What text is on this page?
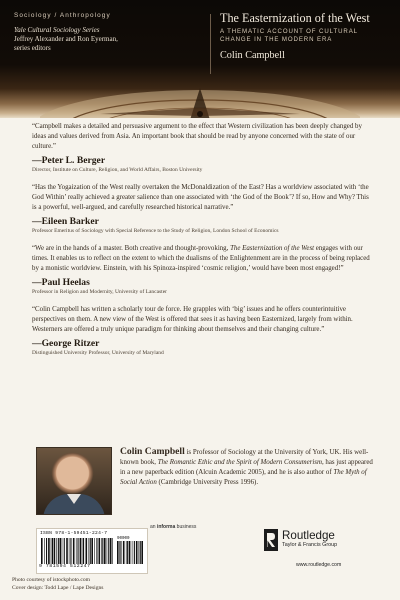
Sociology / Anthropology
Yale Cultural Sociology Series
Jeffrey Alexander and Ron Eyerman,
series editors
The Easternization of the West
A THEMATIC ACCOUNT OF CULTURAL
CHANGE IN THE MODERN ERA
Colin Campbell
“Campbell makes a detailed and persuasive argument to the effect that Western civilization has been deeply changed by ideas and values derived from Asia. An important book that should be read by anyone concerned with the state of our culture.”
—Peter L. Berger
Director, Institute on Culture, Religion, and World Affairs, Boston University
“Has the Yogaization of the West really overtaken the McDonaldization of the East? Has a worldview associated with ‘the God Within’ really achieved a greater salience than one associated with ‘the God of the Book’? If so, How and Why? This is a powerful, well-argued, and carefully researched historical narrative.”
—Eileen Barker
Professor Emeritus of Sociology with Special Reference to the Study of Religion, London School of Economics
“We are in the hands of a master. Both creative and thought-provoking, The Easternization of the West engages with our times. It enables us to reflect on the extent to which the dualisms of the Enlightenment are in the process of being replaced by a monistic worldview. Einstein, with his Spinoza-inspired ‘cosmic religion,’ would have been most engaged!”
—Paul Heelas
Professor in Religion and Modernity, University of Lancaster
“Colin Campbell has written a scholarly tour de force. He grapples with ‘big’ issues and he offers counterintuitive perspectives on them. A new view of the West is offered that sees it as having been Easternized, largely from within. Westerners are offered a truly unique paradigm for thinking about themselves and their changing culture.”
—George Ritzer
Distinguished University Professor, University of Maryland
Colin Campbell is Professor of Sociology at the University of York, UK. His well-known book, The Romantic Ethic and the Spirit of Modern Consumerism, has just appeared in a new paperback edition (Alcuin Academic 2005), and he is also author of The Myth of Social Action (Cambridge University Press 1996).
ISBN 978-1-59451-224-7
90000
9 781594 512247
an informa business
Photo courtesy of istockphoto.com
Cover design: Todd Lape / Lape Designs
Routledge
Taylor & Francis Group
www.routledge.com
